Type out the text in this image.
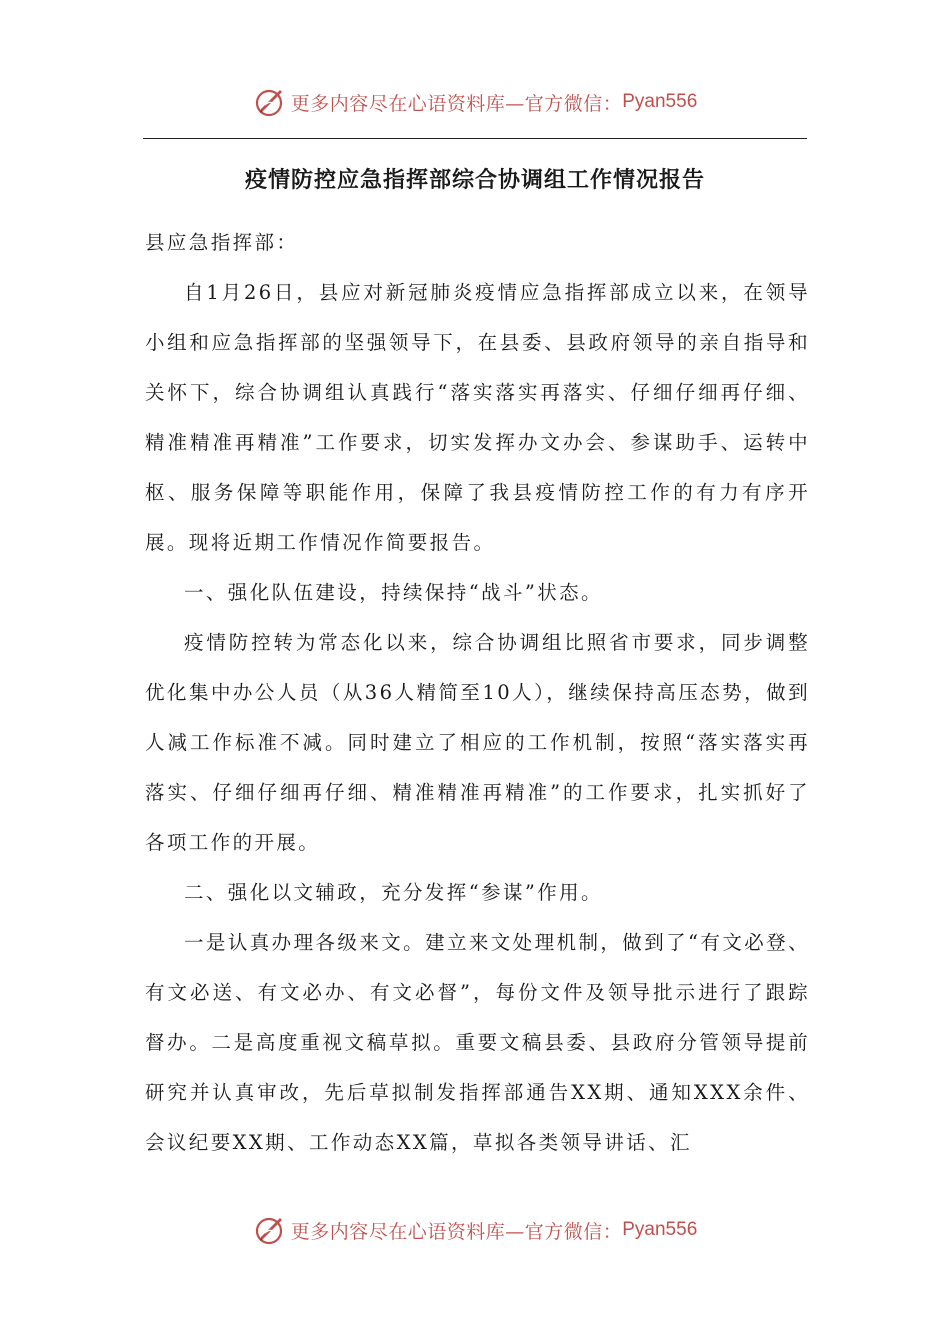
更多内容尽在心语资料库—官方微信： Pyan556
疫情防控应急指挥部综合协调组工作情况报告

县应急指挥部：

自1月26日，县应对新冠肺炎疫情应急指挥部成立以来，在领导小组和应急指挥部的坚强领导下，在县委、县政府领导的亲自指导和关怀下，综合协调组认真践行“落实落实再落实、仔细仔细再仔细、精准精准再精准”工作要求，切实发挥办文办会、参谋助手、运转中枢、服务保障等职能作用，保障了我县疫情防控工作的有力有序开展。现将近期工作情况作简要报告。

一、强化队伍建设，持续保持“战斗”状态。

疫情防控转为常态化以来，综合协调组比照省市要求，同步调整优化集中办公人员（从36人精简至10人），继续保持高压态势，做到人减工作标准不减。同时建立了相应的工作机制，按照“落实落实再落实、仔细仔细再仔细、精准精准再精准”的工作要求，扎实抓好了各项工作的开展。

二、强化以文辅政，充分发挥“参谋”作用。

一是认真办理各级来文。建立来文处理机制，做到了“有文必登、有文必送、有文必办、有文必督”，每份文件及领导批示进行了跟踪督办。二是高度重视文稿草拟。重要文稿县委、县政府分管领导提前研究并认真审改，先后草拟制发指挥部通告XX期、通知XXX余件、会议纪要XX期、工作动态XX篇，草拟各类领导讲话、汇

更多内容尽在心语资料库—官方微信： Pyan556
